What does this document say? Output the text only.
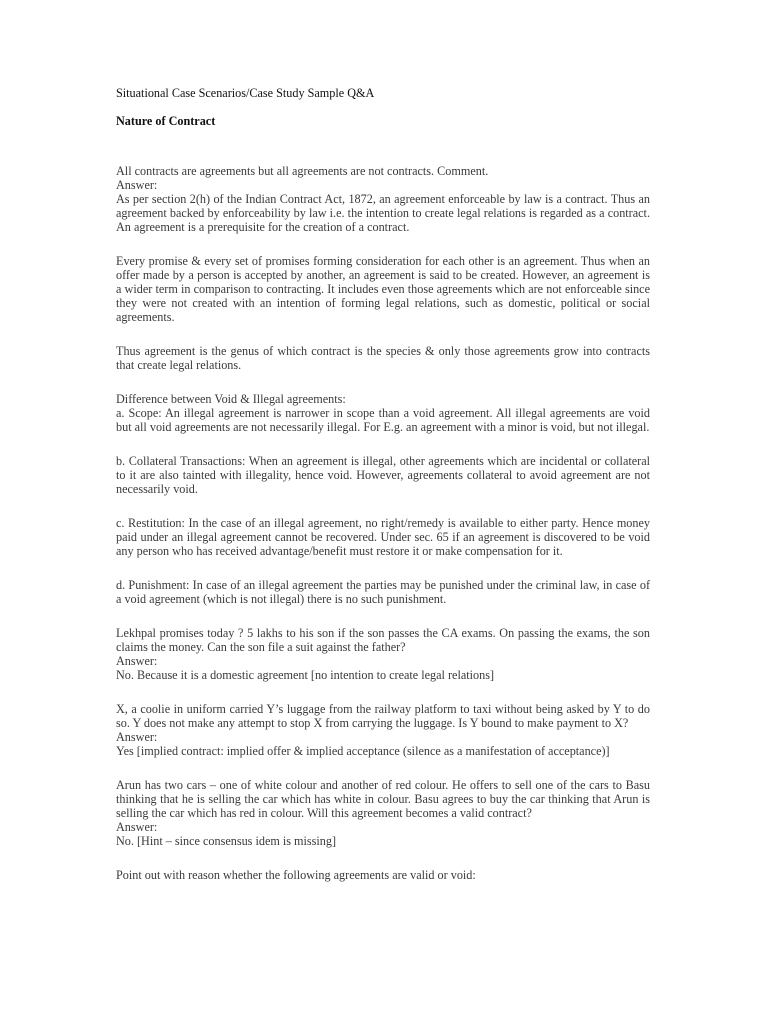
Situational Case Scenarios/Case Study Sample Q&A

Nature of Contract

All contracts are agreements but all agreements are not contracts. Comment.
Answer:
As per section 2(h) of the Indian Contract Act, 1872, an agreement enforceable by law is a contract. Thus an agreement backed by enforceability by law i.e. the intention to create legal relations is regarded as a contract. An agreement is a prerequisite for the creation of a contract.

Every promise & every set of promises forming consideration for each other is an agreement. Thus when an offer made by a person is accepted by another, an agreement is said to be created. However, an agreement is a wider term in comparison to contracting. It includes even those agreements which are not enforceable since they were not created with an intention of forming legal relations, such as domestic, political or social agreements.

Thus agreement is the genus of which contract is the species & only those agreements grow into contracts that create legal relations.

Difference between Void & Illegal agreements:
a. Scope: An illegal agreement is narrower in scope than a void agreement. All illegal agreements are void but all void agreements are not necessarily illegal. For E.g. an agreement with a minor is void, but not illegal.

b. Collateral Transactions: When an agreement is illegal, other agreements which are incidental or collateral to it are also tainted with illegality, hence void. However, agreements collateral to avoid agreement are not necessarily void.

c. Restitution: In the case of an illegal agreement, no right/remedy is available to either party. Hence money paid under an illegal agreement cannot be recovered. Under sec. 65 if an agreement is discovered to be void any person who has received advantage/benefit must restore it or make compensation for it.

d. Punishment: In case of an illegal agreement the parties may be punished under the criminal law, in case of a void agreement (which is not illegal) there is no such punishment.

Lekhpal promises today ? 5 lakhs to his son if the son passes the CA exams. On passing the exams, the son claims the money. Can the son file a suit against the father?
Answer:
No. Because it is a domestic agreement [no intention to create legal relations]
X, a coolie in uniform carried Y’s luggage from the railway platform to taxi without being asked by Y to do so. Y does not make any attempt to stop X from carrying the luggage. Is Y bound to make payment to X?
Answer:
Yes [implied contract: implied offer & implied acceptance (silence as a manifestation of acceptance)]
Arun has two cars – one of white colour and another of red colour. He offers to sell one of the cars to Basu thinking that he is selling the car which has white in colour. Basu agrees to buy the car thinking that Arun is selling the car which has red in colour. Will this agreement becomes a valid contract?
Answer:
No. [Hint – since consensus idem is missing]

Point out with reason whether the following agreements are valid or void:
